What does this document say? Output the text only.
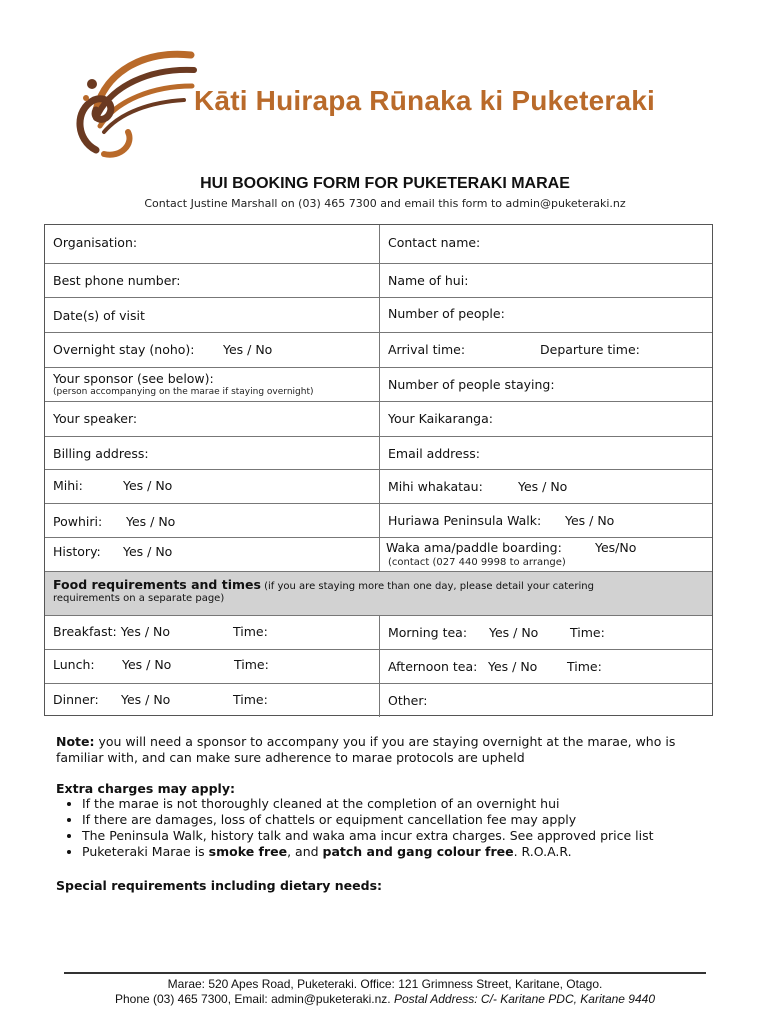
Kāti Huirapa Rūnaka ki Puketeraki
HUI BOOKING FORM FOR PUKETERAKI MARAE
Contact Justine Marshall on (03) 465 7300 and email this form to admin@puketeraki.nz
Food requirements and times (if you are staying more than one day, please detail your catering
requirements on a separate page)
Organisation:	Contact name:
Best phone number:	Name of hui:
Date(s) of visit	Number of people:
Overnight stay (noho): Yes / No	Arrival time:	Departure time:
Your sponsor (see below):
(person accompanying on the marae if staying overnight)	Number of people staying:
Your speaker:	Your Kaikaranga:
Billing address:	Email address:
Mihi:	Yes / No	Mihi whakatau:	Yes / No
Powhiri: Yes / No	Huriawa Peninsula Walk: Yes / No
History: Yes / No	Waka ama/paddle boarding:	Yes/No
(contact (027 440 9998 to arrange)
Breakfast: Yes / No	Time:	Morning tea: Yes / No	Time:
Lunch: Yes / No	Time:	Afternoon tea: Yes / No Time:
Dinner: Yes / No	Time:	Other:
Note: you will need a sponsor to accompany you if you are staying overnight at the marae, who is familiar with, and can make sure adherence to marae protocols are upheld
Extra charges may apply:
• If the marae is not thoroughly cleaned at the completion of an overnight hui
• If there are damages, loss of chattels or equipment cancellation fee may apply
• The Peninsula Walk, history talk and waka ama incur extra charges. See approved price list
• Puketeraki Marae is smoke free, and patch and gang colour free. R.O.A.R.
Special requirements including dietary needs:
Marae: 520 Apes Road, Puketeraki. Office: 121 Grimness Street, Karitane, Otago.
Phone (03) 465 7300, Email: admin@puketeraki.nz. Postal Address: C/- Karitane PDC, Karitane 9440
